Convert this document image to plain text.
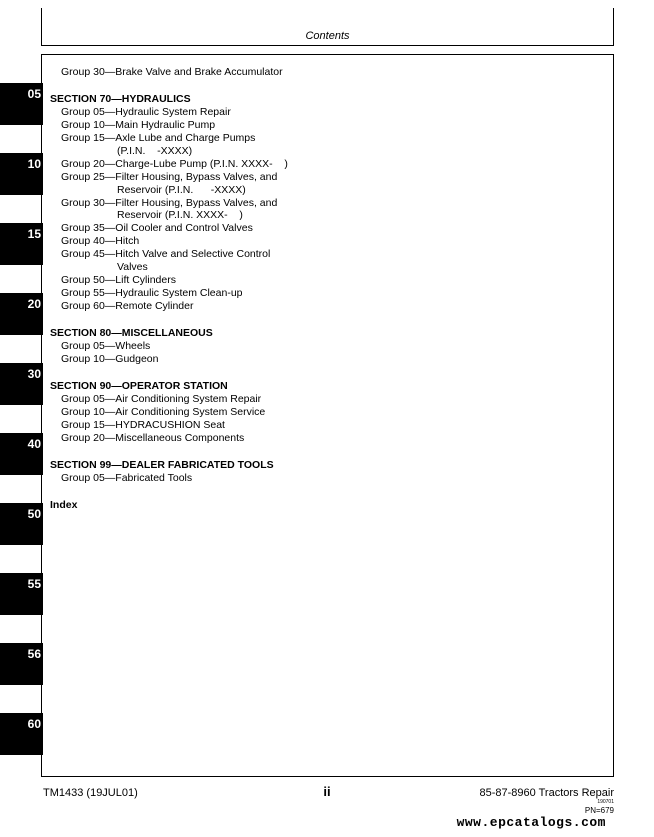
Contents
05
10
15
20
30
40
50
55
56
60
Group 30—Brake Valve and Brake Accumulator
SECTION 70—HYDRAULICS
Group 05—Hydraulic System Repair
Group 10—Main Hydraulic Pump
Group 15—Axle Lube and Charge Pumps
(P.I.N.    -XXXX)
Group 20—Charge-Lube Pump (P.I.N. XXXX-    )
Group 25—Filter Housing, Bypass Valves, and
Reservoir (P.I.N.      -XXXX)
Group 30—Filter Housing, Bypass Valves, and
Reservoir (P.I.N. XXXX-    )
Group 35—Oil Cooler and Control Valves
Group 40—Hitch
Group 45—Hitch Valve and Selective Control
Valves
Group 50—Lift Cylinders
Group 55—Hydraulic System Clean-up
Group 60—Remote Cylinder
SECTION 80—MISCELLANEOUS
Group 05—Wheels
Group 10—Gudgeon
SECTION 90—OPERATOR STATION
Group 05—Air Conditioning System Repair
Group 10—Air Conditioning System Service
Group 15—HYDRACUSHION Seat
Group 20—Miscellaneous Components
SECTION 99—DEALER FABRICATED TOOLS
Group 05—Fabricated Tools
Index
TM1433 (19JUL01)	ii	85-87-8960 Tractors Repair
190701
PN=679
www.epcatalogs.com
